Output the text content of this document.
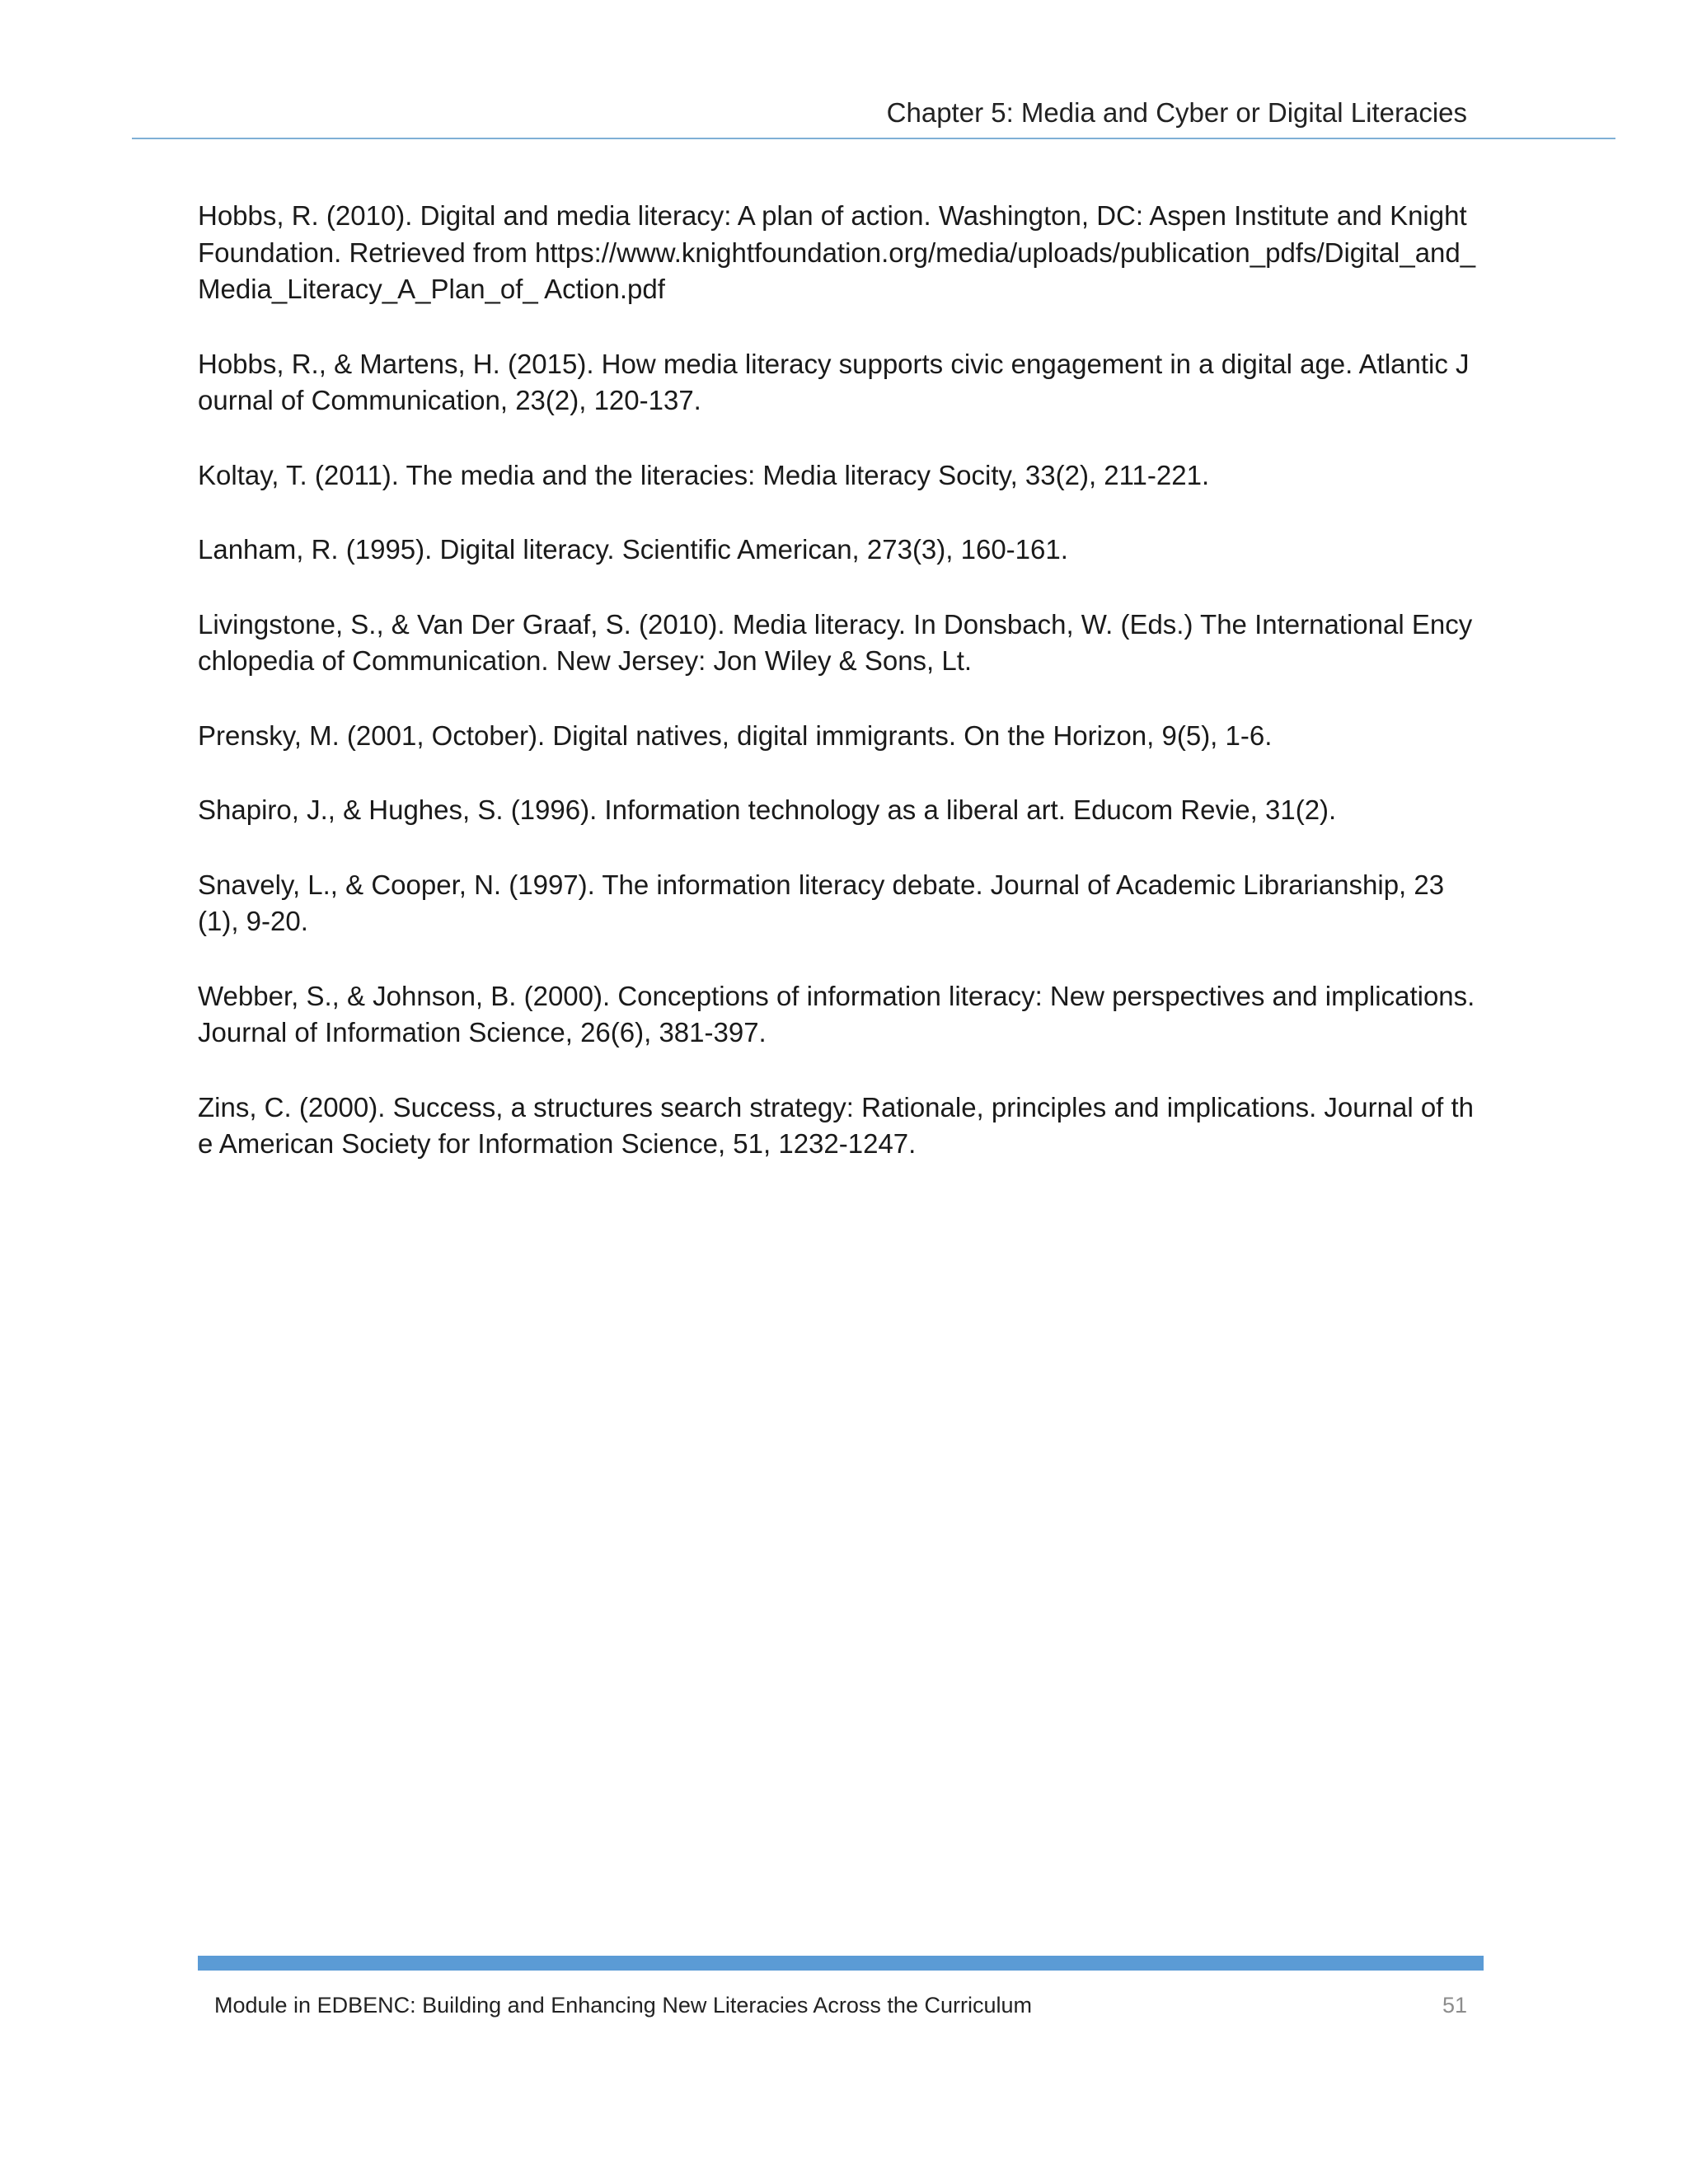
Chapter 5: Media and Cyber or Digital Literacies
Hobbs, R. (2010). Digital and media literacy: A plan of action. Washington, DC: Aspen Institute and Knight Foundation. Retrieved from https://www.knightfoundation.org/media/uploads/publication_pdfs/Digital_and_Media_Literacy_A_Plan_of_ Action.pdf
Hobbs, R., & Martens, H. (2015). How media literacy supports civic engagement in a digital age. Atlantic Journal of Communication, 23(2), 120-137.
Koltay, T. (2011). The media and the literacies: Media literacy Socity, 33(2), 211-221.
Lanham, R. (1995). Digital literacy. Scientific American, 273(3), 160-161.
Livingstone, S., & Van Der Graaf, S. (2010). Media literacy. In Donsbach, W. (Eds.) The International Encychlopedia of Communication. New Jersey: Jon Wiley & Sons, Lt.
Prensky, M. (2001, October). Digital natives, digital immigrants. On the Horizon, 9(5), 1-6.
Shapiro, J., & Hughes, S. (1996). Information technology as a liberal art. Educom Revie, 31(2).
Snavely, L., & Cooper, N. (1997). The information literacy debate. Journal of Academic Librarianship, 23(1), 9-20.
Webber, S., & Johnson, B. (2000). Conceptions of information literacy: New perspectives and implications. Journal of Information Science, 26(6), 381-397.
Zins, C. (2000). Success, a structures search strategy: Rationale, principles and implications. Journal of the American Society for Information Science, 51, 1232-1247.
Module in EDBENC: Building and Enhancing New Literacies Across the Curriculum	51
